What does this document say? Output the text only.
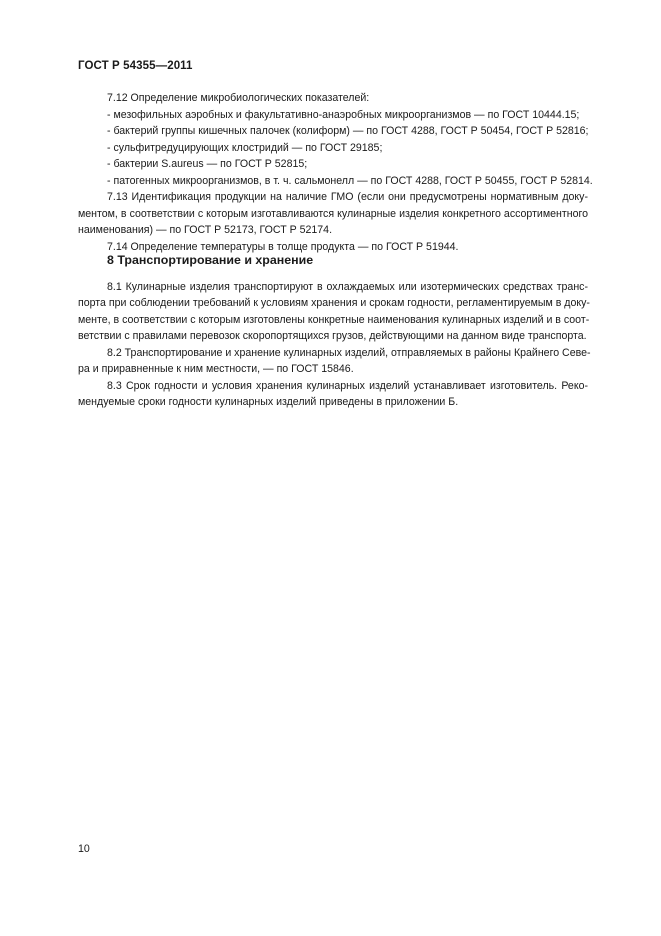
ГОСТ Р 54355—2011
7.12 Определение микробиологических показателей:
- мезофильных аэробных и факультативно-анаэробных микроорганизмов — по ГОСТ 10444.15;
- бактерий группы кишечных палочек (колиформ) — по ГОСТ 4288, ГОСТ Р 50454, ГОСТ Р 52816;
- сульфитредуцирующих клостридий — по ГОСТ 29185;
- бактерии S.aureus — по ГОСТ Р 52815;
- патогенных микроорганизмов, в т. ч. сальмонелл — по ГОСТ 4288, ГОСТ Р 50455, ГОСТ Р 52814.
7.13 Идентификация продукции на наличие ГМО (если они предусмотрены нормативным доку-
ментом, в соответствии с которым изготавливаются кулинарные изделия конкретного ассортиментного
наименования) — по ГОСТ Р 52173, ГОСТ Р 52174.
7.14 Определение температуры в толще продукта — по ГОСТ Р 51944.
8 Транспортирование и хранение
8.1 Кулинарные изделия транспортируют в охлаждаемых или изотермических средствах транс-
порта при соблюдении требований к условиям хранения и срокам годности, регламентируемым в доку-
менте, в соответствии с которым изготовлены конкретные наименования кулинарных изделий и в соот-
ветствии с правилами перевозок скоропортящихся грузов, действующими на данном виде транспорта.
8.2 Транспортирование и хранение кулинарных изделий, отправляемых в районы Крайнего Севе-
ра и приравненные к ним местности, — по ГОСТ 15846.
8.3 Срок годности и условия хранения кулинарных изделий устанавливает изготовитель. Реко-
мендуемые сроки годности кулинарных изделий приведены в приложении Б.
10
